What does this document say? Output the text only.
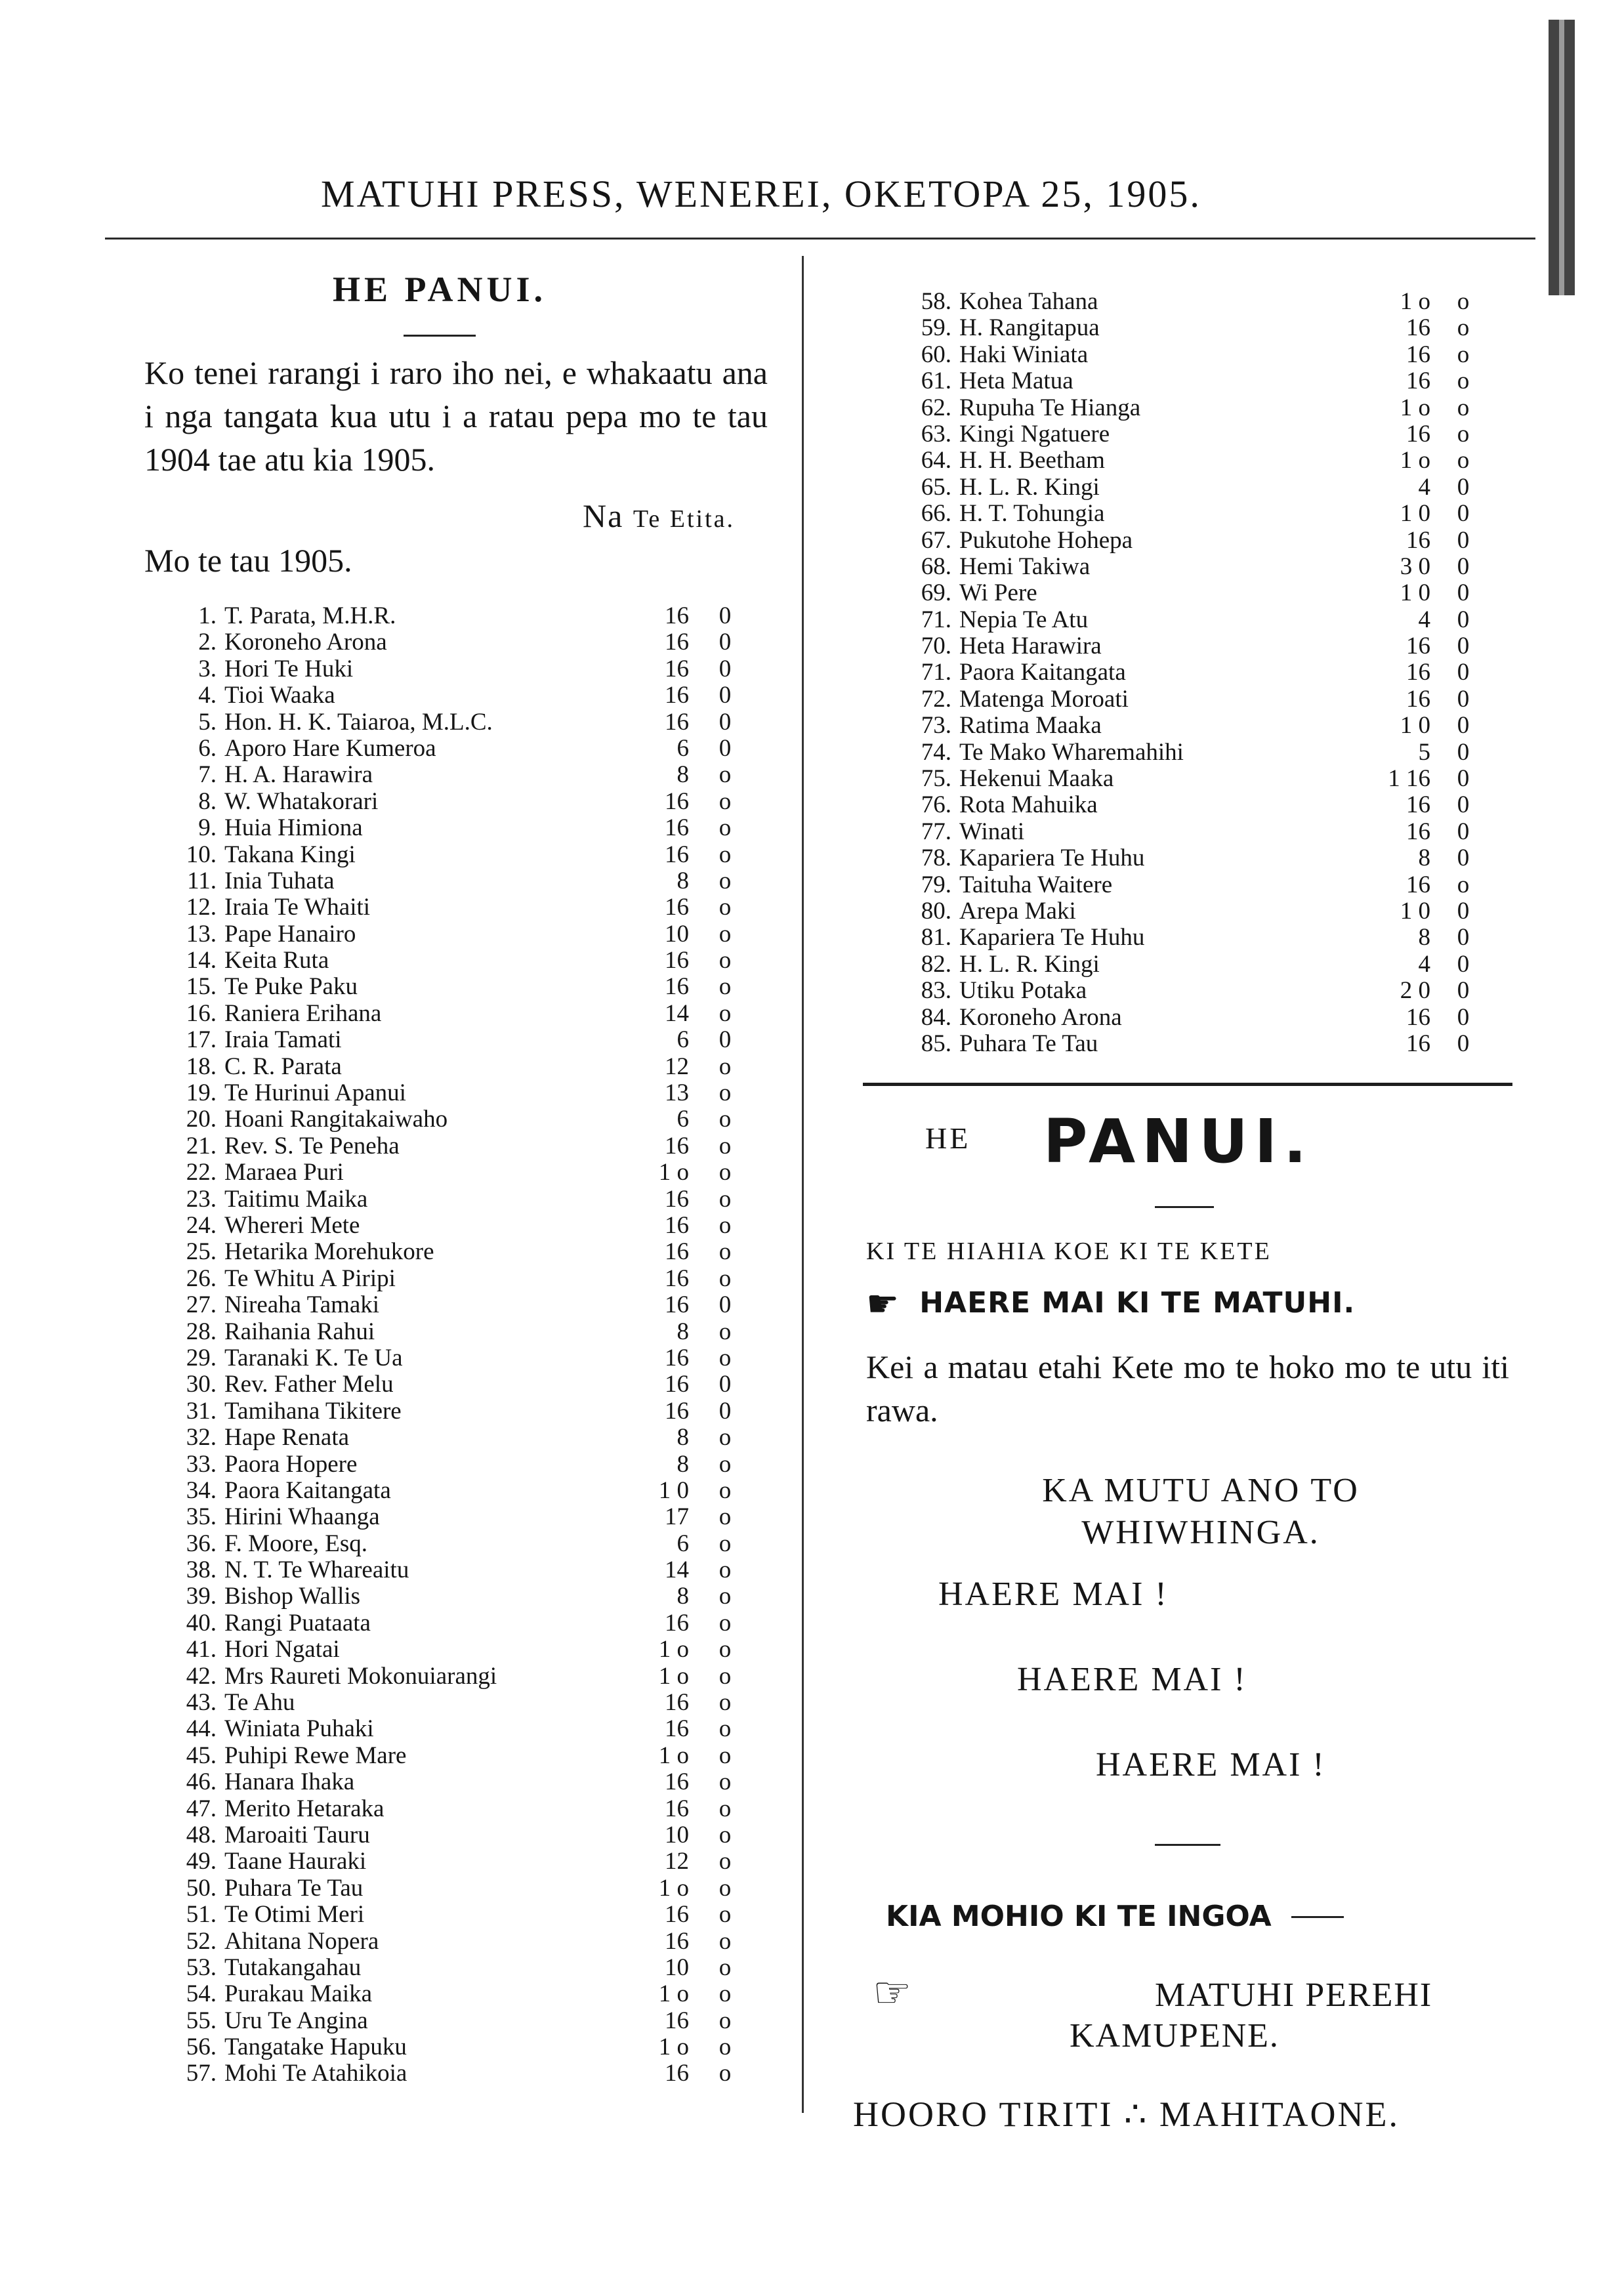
MATUHI PRESS, WENEREI, OKETOPA 25, 1905.
HE PANUI.

Ko tenei rarangi i raro iho nei, e whakaatu ana i nga tangata kua utu i a ratau pepa mo te tau 1904 tae atu kia 1905.

Na Te Etita.
Mo te tau 1905.
1. T. Parata, M.H.R.	16	0
2. Koroneho Arona	16	0
3. Hori Te Huki	16	0
4. Tioi Waaka	16	0
5. Hon. H. K. Taiaroa, M.L.C.	16	0
6. Aporo Hare Kumeroa	6	0
7. H. A. Harawira	8	o
8. W. Whatakorari	16	o
9. Huia Himiona	16	o
10. Takana Kingi	16	o
11. Inia Tuhata	8	o
12. Iraia Te Whaiti	16	o
13. Pape Hanairo	10	o
14. Keita Ruta	16	o
15. Te Puke Paku	16	o
16. Raniera Erihana	14	o
17. Iraia Tamati	6	0
18. C. R. Parata	12	o
19. Te Hurinui Apanui	13	o
20. Hoani Rangitakaiwaho	6	o
21. Rev. S. Te Peneha	16	o
22. Maraea Puri	1 o	o
23. Taitimu Maika	16	o
24. Whereri Mete	16	o
25. Hetarika Morehukore	16	o
26. Te Whitu A Piripi	16	o
27. Nireaha Tamaki	16	0
28. Raihania Rahui	8	o
29. Taranaki K. Te Ua	16	o
30. Rev. Father Melu	16	0
31. Tamihana Tikitere	16	0
32. Hape Renata	8	o
33. Paora Hopere	8	o
34. Paora Kaitangata	1 0	o
35. Hirini Whaanga	17	o
36. F. Moore, Esq.	6	o
38. N. T. Te Whareaitu	14	o
39. Bishop Wallis	8	o
40. Rangi Puataata	16	o
41. Hori Ngatai	1 o	o
42. Mrs Raureti Mokonuiarangi	1 o	o
43. Te Ahu	16	o
44. Winiata Puhaki	16	o
45. Puhipi Rewe Mare	1 o	o
46. Hanara Ihaka	16	o
47. Merito Hetaraka	16	o
48. Maroaiti Tauru	10	o
49. Taane Hauraki	12	o
50. Puhara Te Tau	1 o	o
51. Te Otimi Meri	16	o
52. Ahitana Nopera	16	o
53. Tutakangahau	10	o
54. Purakau Maika	1 o	o
55. Uru Te Angina	16	o
56. Tangatake Hapuku	1 o	o
57. Mohi Te Atahikoia	16	o
58. Kohea Tahana	1 o	o
59. H. Rangitapua	16	o
60. Haki Winiata	16	o
61. Heta Matua	16	o
62. Rupuha Te Hianga	1 o	o
63. Kingi Ngatuere	16	o
64. H. H. Beetham	1 o	o
65. H. L. R. Kingi	4	0
66. H. T. Tohungia	1 0	0
67. Pukutohe Hohepa	16	0
68. Hemi Takiwa	3 0	0
69. Wi Pere	1 0	0
71. Nepia Te Atu	4	0
70. Heta Harawira	16	0
71. Paora Kaitangata	16	0
72. Matenga Moroati	16	0
73. Ratima Maaka	1 0	0
74. Te Mako Wharemahihi	5	0
75. Hekenui Maaka	1 16	0
76. Rota Mahuika	16	0
77. Winati	16	0
78. Kapariera Te Huhu	8	0
79. Taituha Waitere	16	o
80. Arepa Maki	1 0	0
81. Kapariera Te Huhu	8	0
82. H. L. R. Kingi	4	0
83. Utiku Potaka	2 0	0
84. Koroneho Arona	16	0
85. Puhara Te Tau	16	0
HE PANUI.
KI TE HIAHIA KOE KI TE KETE
☛ HAERE MAI KI TE MATUHI.

Kei a matau etahi Kete mo te hoko mo te utu iti rawa.

KA MUTU ANO TO WHIWHINGA.

HAERE MAI !
HAERE MAI !
HAERE MAI !
KIA MOHIO KI TE INGOA
☞	MATUHI PEREHI
KAMUPENE.
HOORO TIRITI ∴ MAHITAONE.
